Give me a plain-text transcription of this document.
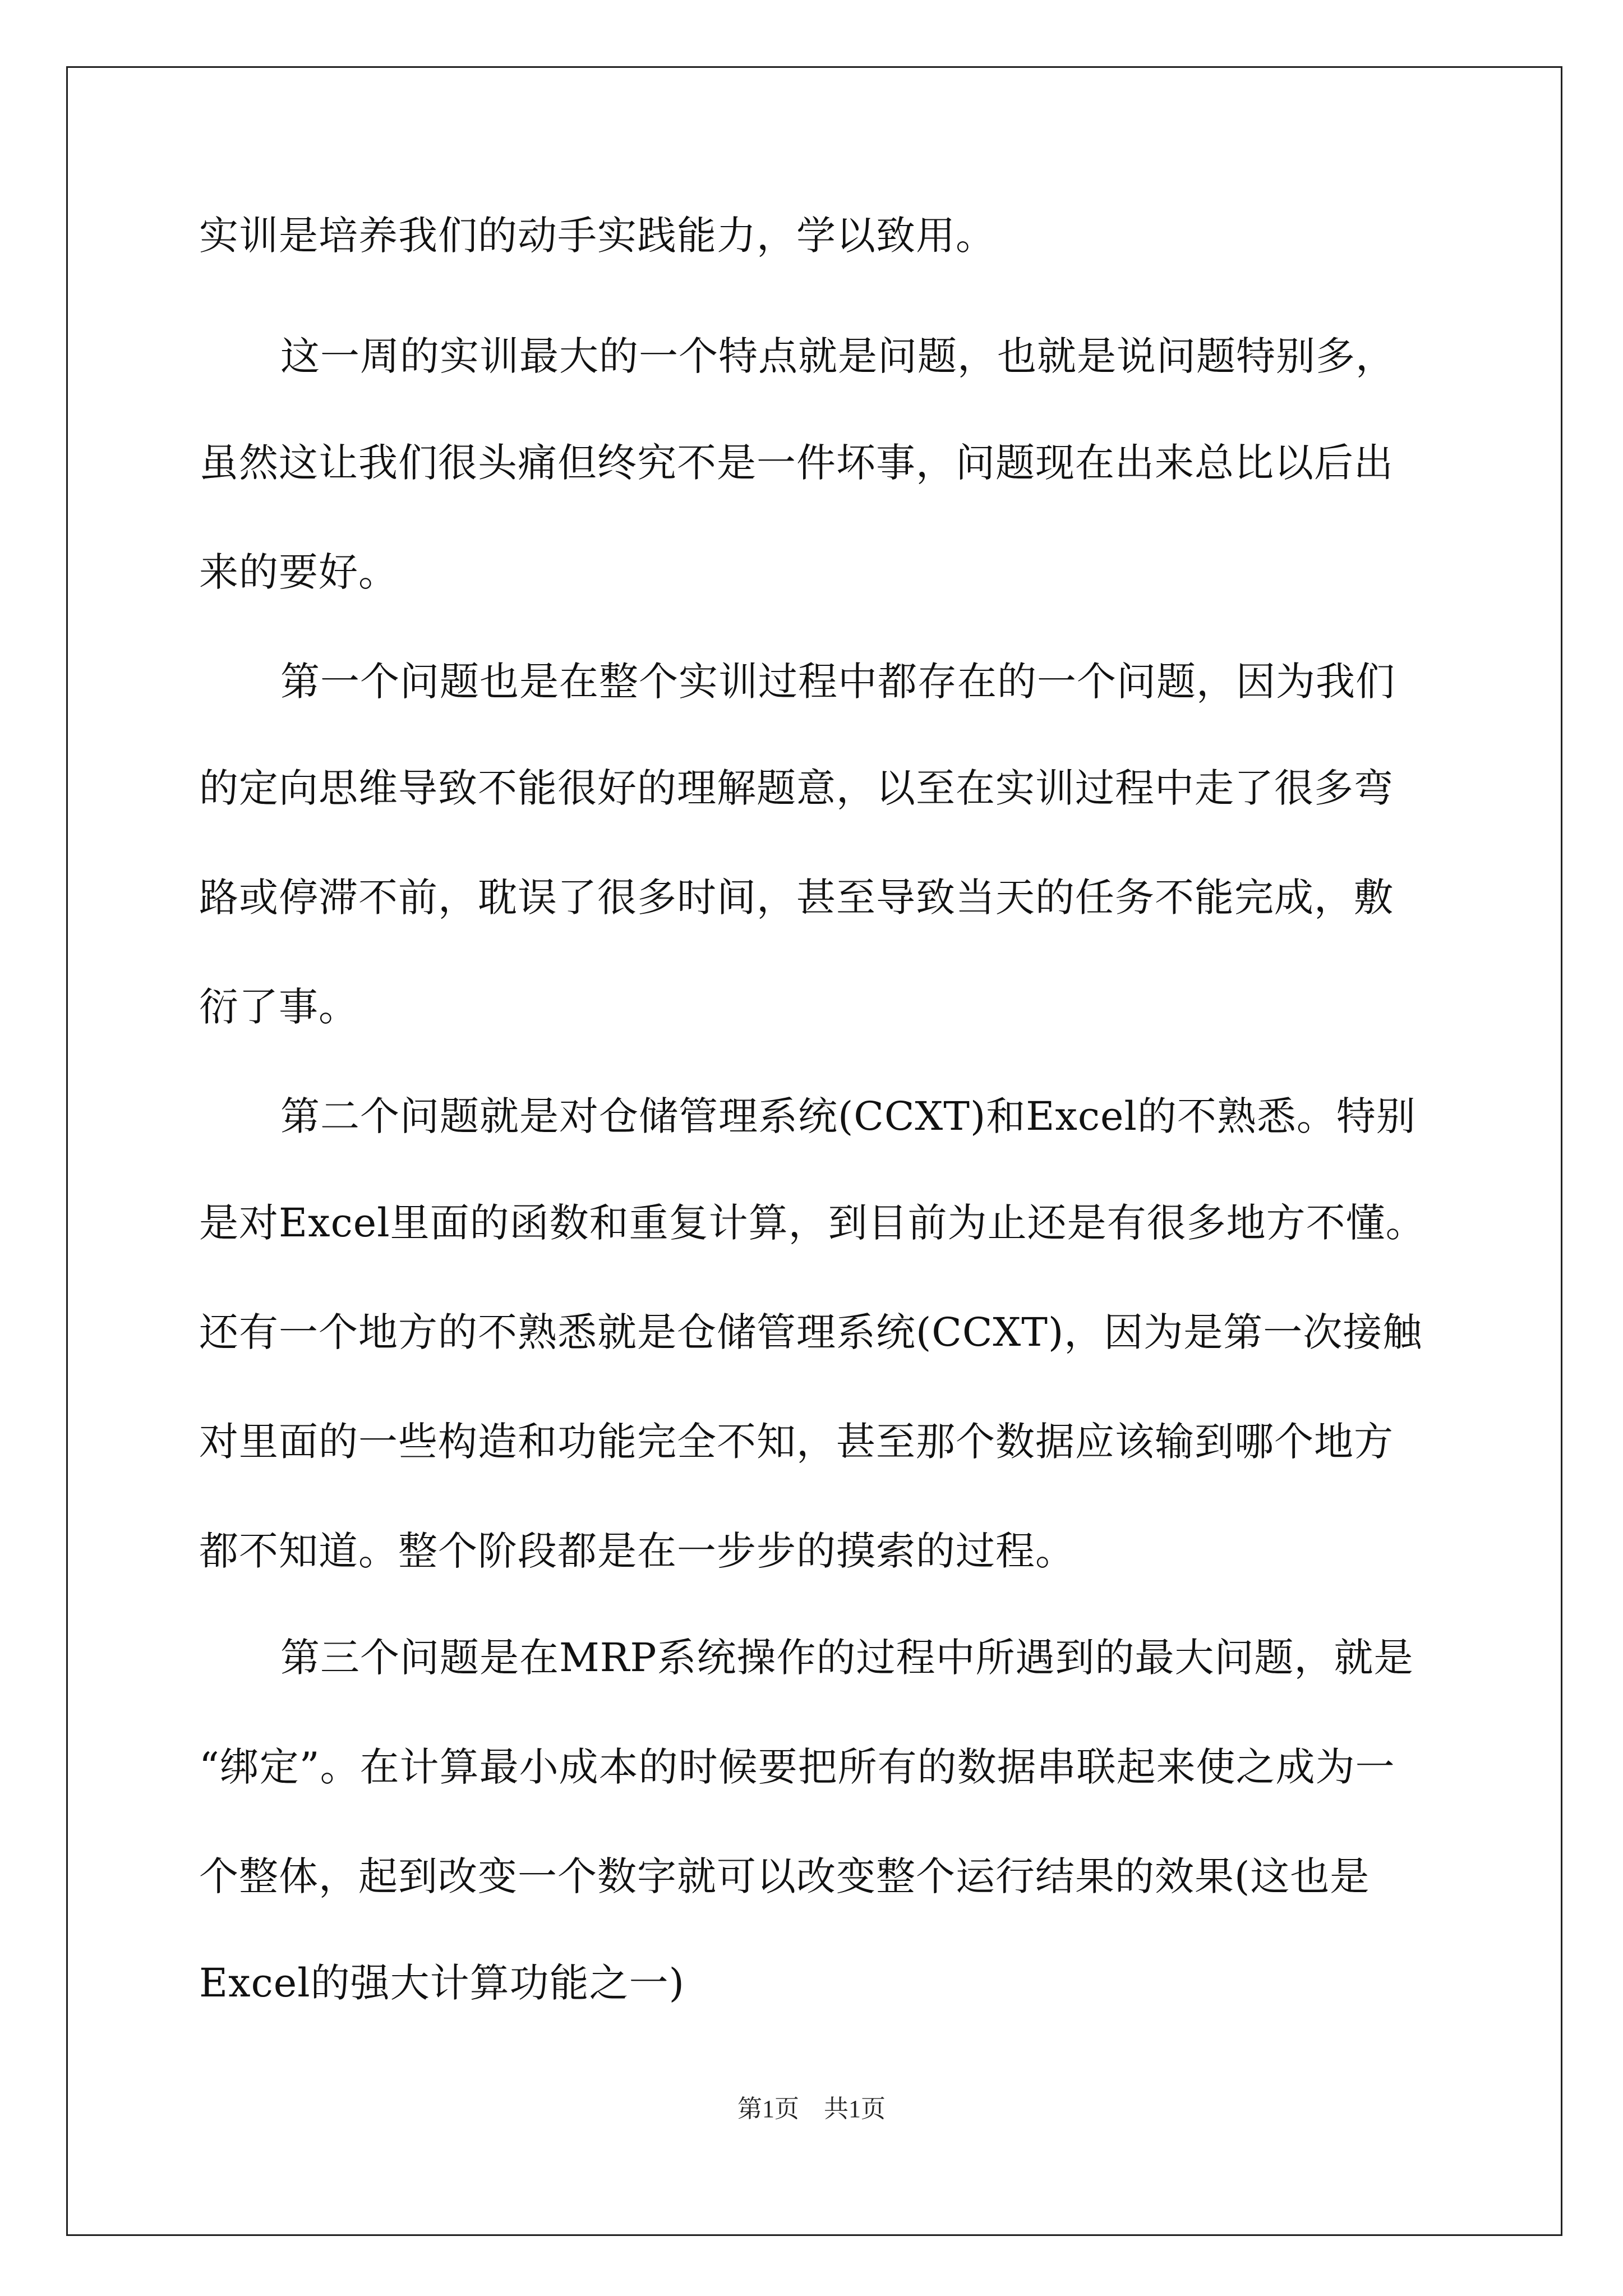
实训是培养我们的动手实践能力，学以致用。
这一周的实训最大的一个特点就是问题，也就是说问题特别多，
虽然这让我们很头痛但终究不是一件坏事，问题现在出来总比以后出
来的要好。
第一个问题也是在整个实训过程中都存在的一个问题，因为我们
的定向思维导致不能很好的理解题意，以至在实训过程中走了很多弯
路或停滞不前，耽误了很多时间，甚至导致当天的任务不能完成，敷
衍了事。
第二个问题就是对仓储管理系统(CCXT)和Excel的不熟悉。特别
是对Excel里面的函数和重复计算，到目前为止还是有很多地方不懂。
还有一个地方的不熟悉就是仓储管理系统(CCXT)，因为是第一次接触
对里面的一些构造和功能完全不知，甚至那个数据应该输到哪个地方
都不知道。整个阶段都是在一步步的摸索的过程。
第三个问题是在MRP系统操作的过程中所遇到的最大问题，就是
“绑定”。在计算最小成本的时候要把所有的数据串联起来使之成为一
个整体，起到改变一个数字就可以改变整个运行结果的效果(这也是
Excel的强大计算功能之一)
第1页　共1页
